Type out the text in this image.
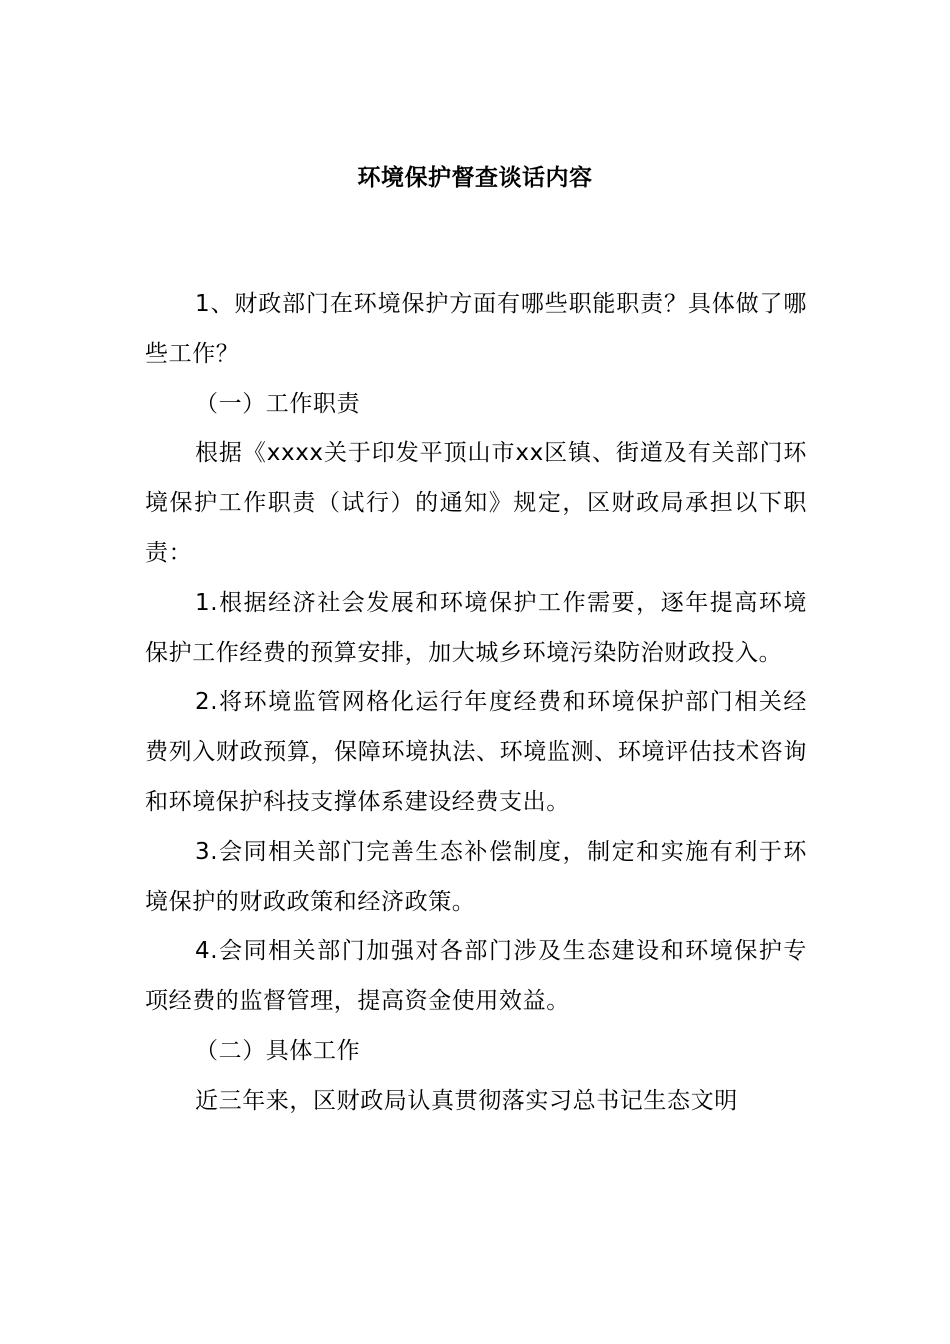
环境保护督查谈话内容

1、财政部门在环境保护方面有哪些职能职责？具体做了哪些工作？

（一）工作职责

根据《xxxx关于印发平顶山市xx区镇、街道及有关部门环境保护工作职责（试行）的通知》规定，区财政局承担以下职责：

1.根据经济社会发展和环境保护工作需要，逐年提高环境保护工作经费的预算安排，加大城乡环境污染防治财政投入。

2.将环境监管网格化运行年度经费和环境保护部门相关经费列入财政预算，保障环境执法、环境监测、环境评估技术咨询和环境保护科技支撑体系建设经费支出。

3.会同相关部门完善生态补偿制度，制定和实施有利于环境保护的财政政策和经济政策。

4.会同相关部门加强对各部门涉及生态建设和环境保护专项经费的监督管理，提高资金使用效益。

（二）具体工作

近三年来，区财政局认真贯彻落实习总书记生态文明
